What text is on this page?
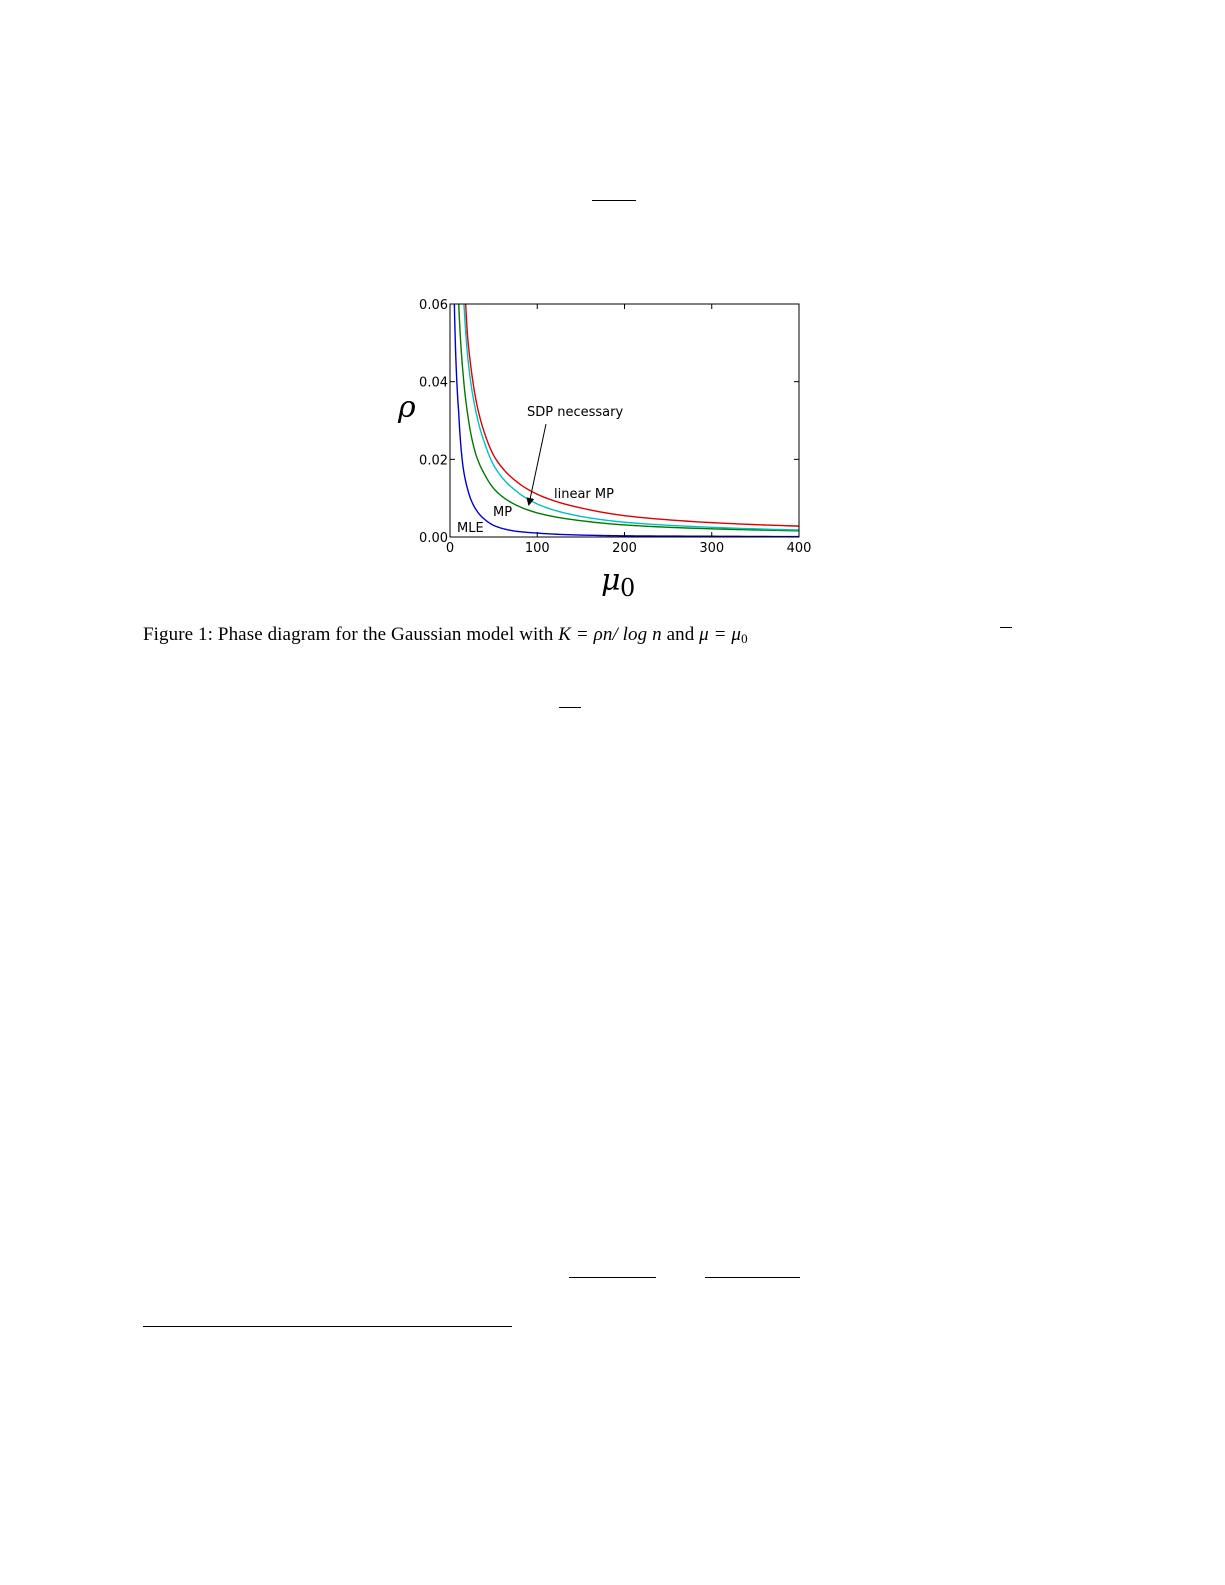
0	100	200	300	400
0.00
0.02
0.04
0.06
SDP necessary
linear MP
MP
MLE
ρ
μ 0
Figure 1: Phase diagram for the Gaussian model with K = ρn/ log n and $\mu = \mu_0$
